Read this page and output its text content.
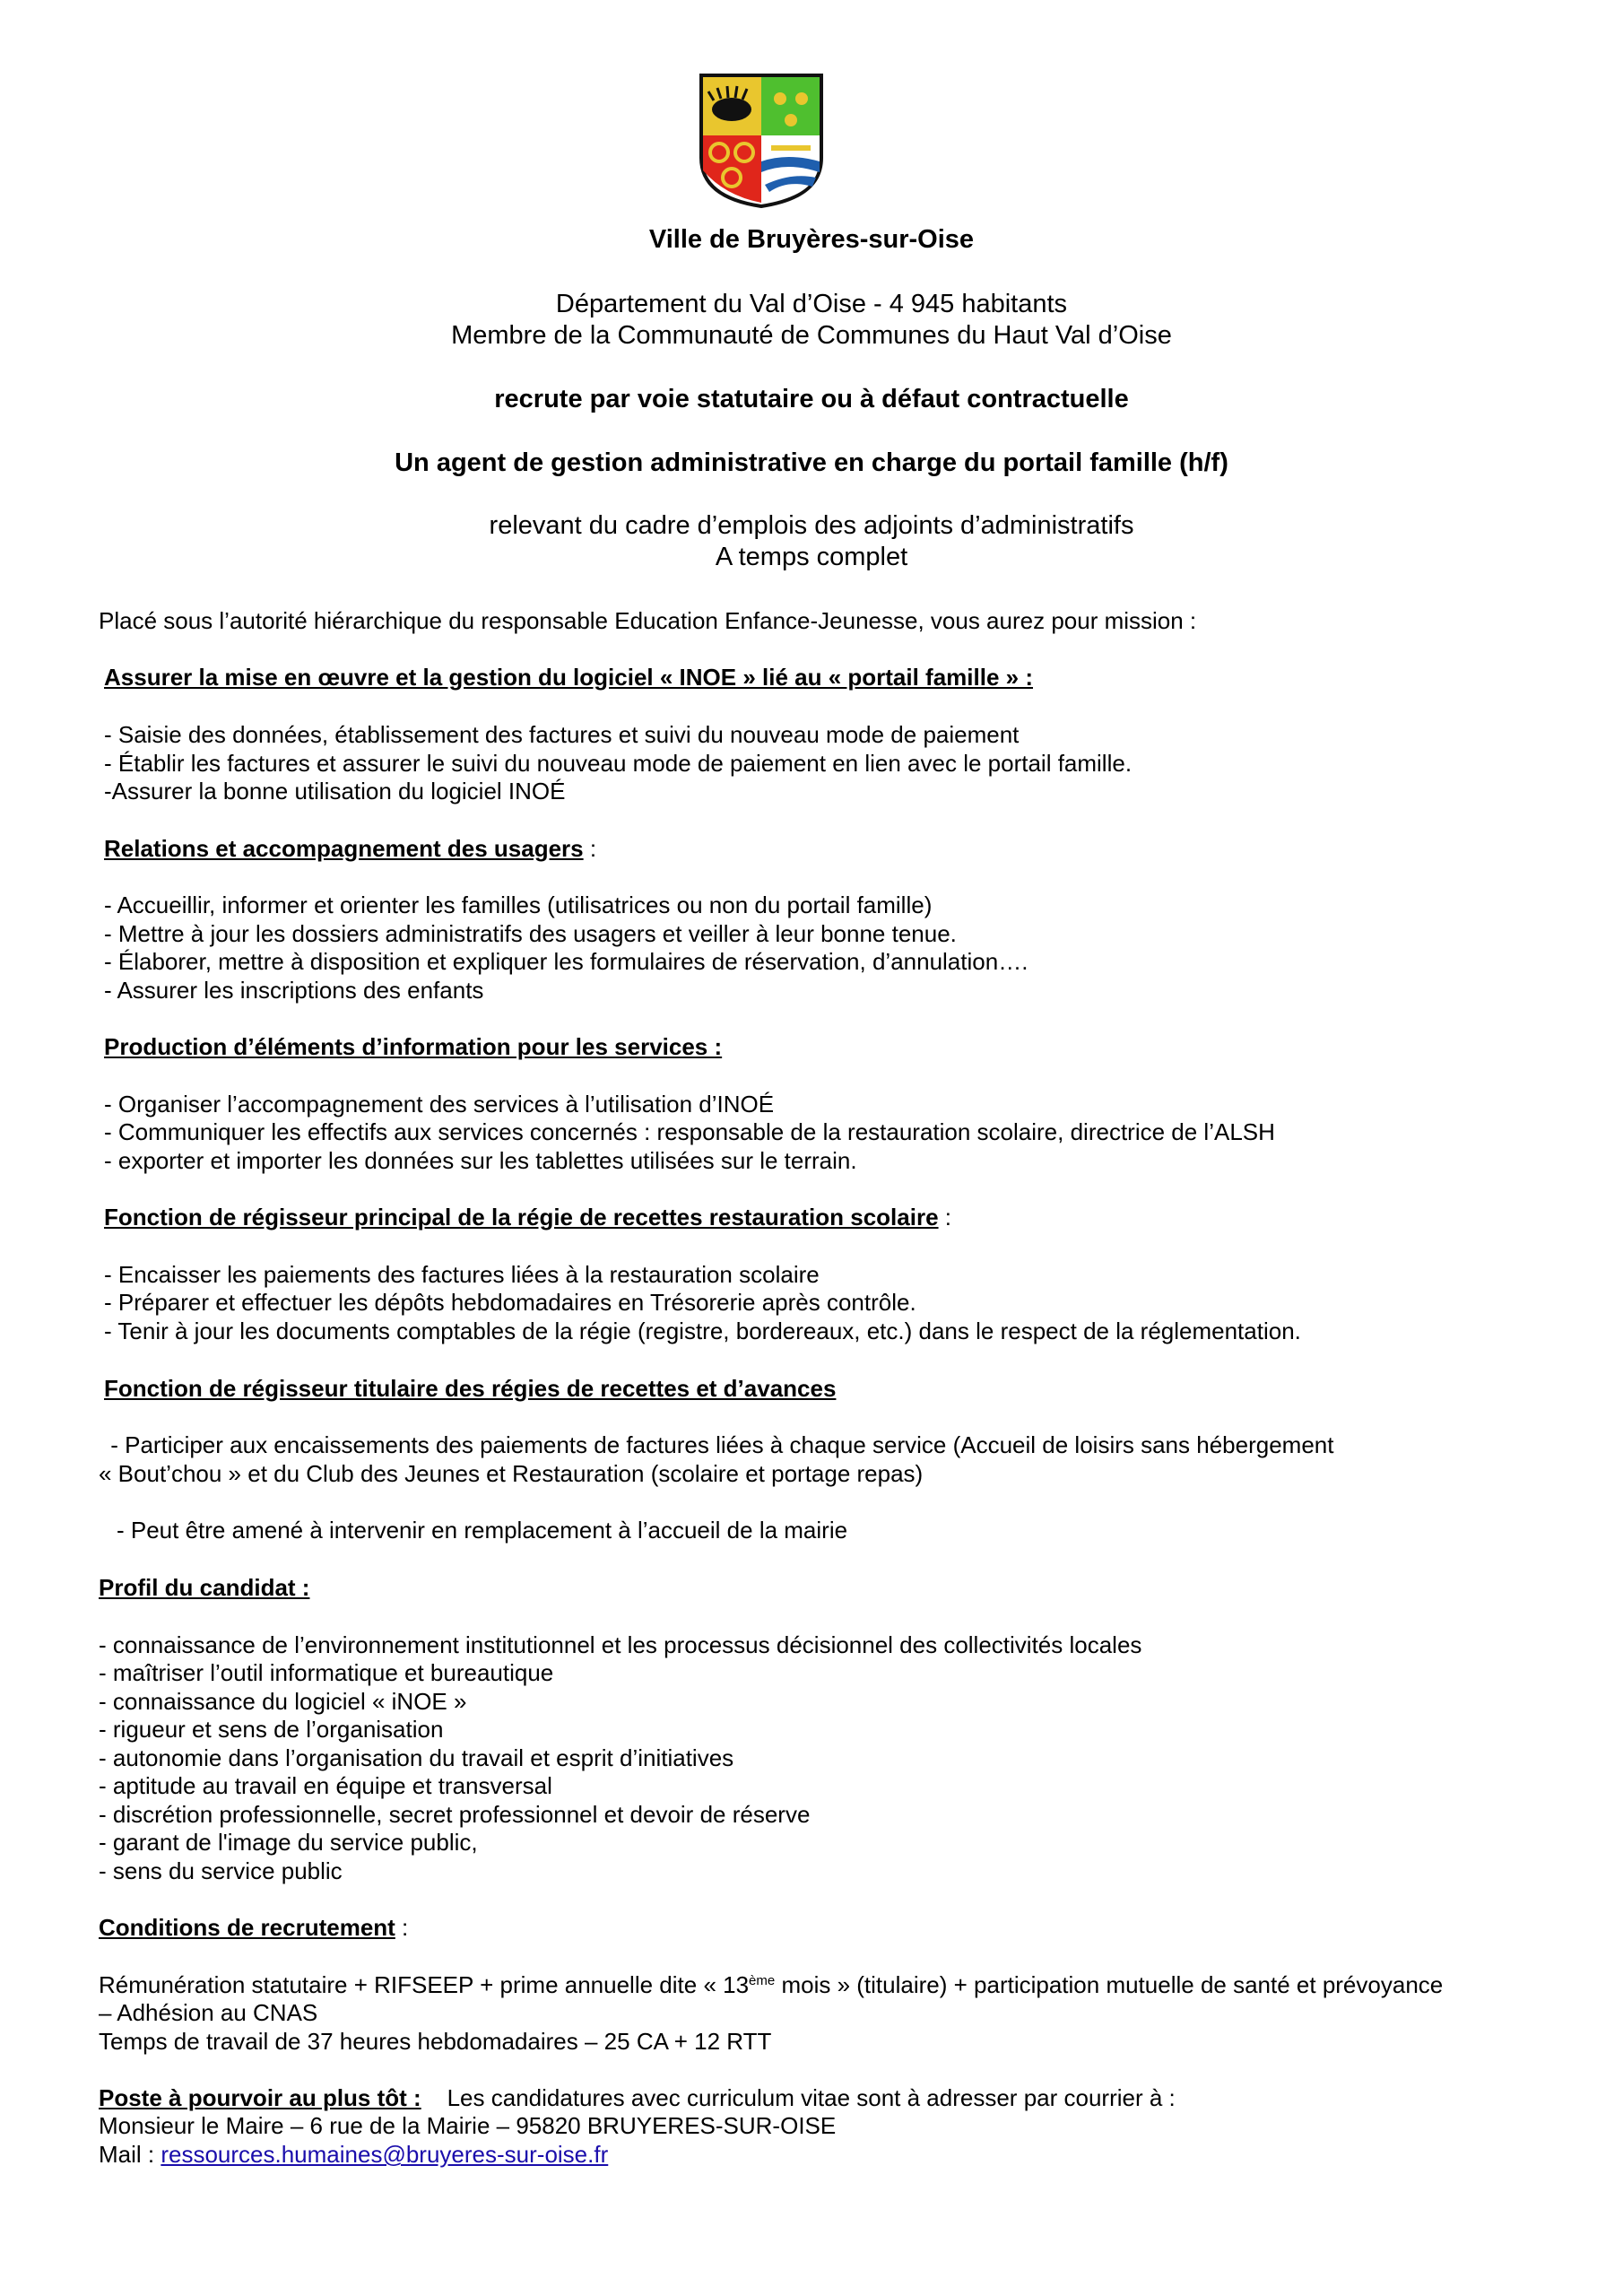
Ville de Bruyères-sur-Oise
Département du Val d’Oise - 4 945 habitants
Membre de la Communauté de Communes du Haut Val d’Oise
recrute par voie statutaire ou à défaut contractuelle
Un agent de gestion administrative en charge du portail famille (h/f)
relevant du cadre d’emplois des adjoints d’administratifs
A temps complet
Placé sous l’autorité hiérarchique du responsable Education Enfance-Jeunesse, vous aurez pour mission :
Assurer la mise en œuvre et la gestion du logiciel « INOE » lié au « portail famille » :
- Saisie des données, établissement des factures et suivi du nouveau mode de paiement
- Établir les factures et assurer le suivi du nouveau mode de paiement en lien avec le portail famille.
-Assurer la bonne utilisation du logiciel INOÉ
Relations et accompagnement des usagers :
- Accueillir, informer et orienter les familles (utilisatrices ou non du portail famille)
- Mettre à jour les dossiers administratifs des usagers et veiller à leur bonne tenue.
- Élaborer, mettre à disposition et expliquer les formulaires de réservation, d’annulation….
- Assurer les inscriptions des enfants
Production d’éléments d’information pour les services :
- Organiser l’accompagnement des services à l’utilisation d’INOÉ
- Communiquer les effectifs aux services concernés : responsable de la restauration scolaire, directrice de l’ALSH
- exporter et importer les données sur les tablettes utilisées sur le terrain.
Fonction de régisseur principal de la régie de recettes restauration scolaire :
- Encaisser les paiements des factures liées à la restauration scolaire
- Préparer et effectuer les dépôts hebdomadaires en Trésorerie après contrôle.
- Tenir à jour les documents comptables de la régie (registre, bordereaux, etc.) dans le respect de la réglementation.
Fonction de régisseur titulaire des régies de recettes et d’avances
- Participer aux encaissements des paiements de factures liées à chaque service (Accueil de loisirs sans hébergement
« Bout’chou » et du Club des Jeunes et Restauration (scolaire et portage repas)
- Peut être amené à intervenir en remplacement à l’accueil de la mairie
Profil du candidat :
- connaissance de l’environnement institutionnel et les processus décisionnel des collectivités locales
- maîtriser l’outil informatique et bureautique
- connaissance du logiciel « iNOE »
- rigueur et sens de l’organisation
- autonomie dans l’organisation du travail et esprit d’initiatives
- aptitude au travail en équipe et transversal
- discrétion professionnelle, secret professionnel et devoir de réserve
- garant de l'image du service public,
- sens du service public
Conditions de recrutement :
Rémunération statutaire + RIFSEEP + prime annuelle dite « 13ème mois » (titulaire) + participation mutuelle de santé et prévoyance
– Adhésion au CNAS
Temps de travail de 37 heures hebdomadaires – 25 CA + 12 RTT
Poste à pourvoir au plus tôt :    Les candidatures avec curriculum vitae sont à adresser par courrier à :
Monsieur le Maire – 6 rue de la Mairie – 95820 BRUYERES-SUR-OISE
Mail : ressources.humaines@bruyeres-sur-oise.fr
